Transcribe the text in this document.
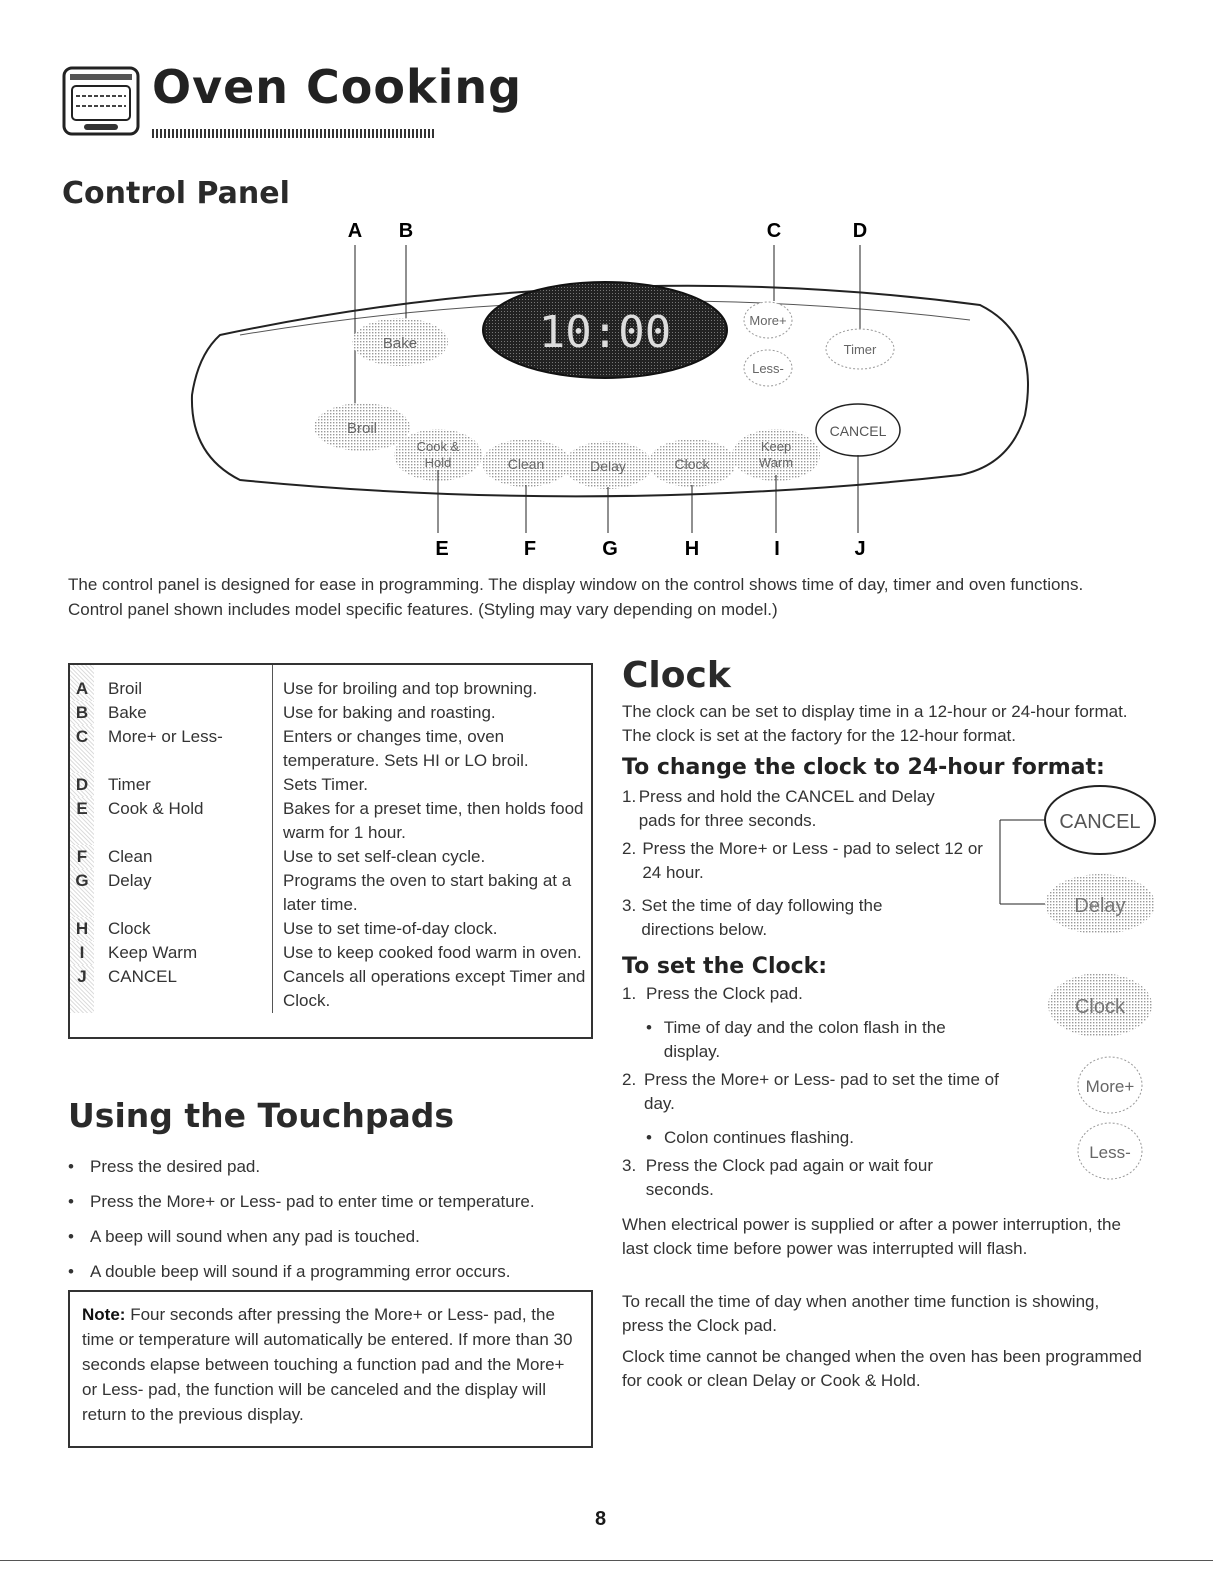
Oven Cooking
Control Panel
A B	C	D
10:00
Bake
Broil
More+
Less-
Timer
CANCEL
Cook &
Hold	Clean	Delay	Clock
Keep
Warm
E	F	G	H	I	J
The control panel is designed for ease in programming. The display window on the control shows time of day, timer and oven functions.
Control panel shown includes model specific features. (Styling may vary depending on model.)
A	Broil	Use for broiling and top browning.
B	Bake	Use for baking and roasting.
C	More+ or Less-	Enters or changes time, oven temperature. Sets HI or LO broil.
D	Timer	Sets Timer.
E	Cook & Hold	Bakes for a preset time, then holds food warm for 1 hour.
F	Clean	Use to set self-clean cycle.
G	Delay	Programs the oven to start baking at a later time.
H	Clock	Use to set time-of-day clock.
I	Keep Warm	Use to keep cooked food warm in oven.
J	CANCEL	Cancels all operations except Timer and Clock.
Using the Touchpads
• Press the desired pad.
• Press the More+ or Less- pad to enter time or temperature.
• A beep will sound when any pad is touched.
• A double beep will sound if a programming error occurs.
Note: Four seconds after pressing the More+ or Less- pad, the time or temperature will automatically be entered. If more than 30 seconds elapse between touching a function pad and the More+ or Less- pad, the function will be canceled and the display will return to the previous display.
Clock
The clock can be set to display time in a 12-hour or 24-hour format. The clock is set at the factory for the 12-hour format.
To change the clock to 24-hour format:
1. Press and hold the CANCEL and Delay pads for three seconds.
2. Press the More+ or Less - pad to select 12 or 24 hour.
3. Set the time of day following the directions below.
CANCEL
Delay
To set the Clock:
1. Press the Clock pad.
• Time of day and the colon flash in the display.
2. Press the More+ or Less- pad to set the time of day.
• Colon continues flashing.
3. Press the Clock pad again or wait four seconds.
Clock
More+
Less-
When electrical power is supplied or after a power interruption, the last clock time before power was interrupted will flash.
To recall the time of day when another time function is showing, press the Clock pad.
Clock time cannot be changed when the oven has been programmed for cook or clean Delay or Cook & Hold.
8
